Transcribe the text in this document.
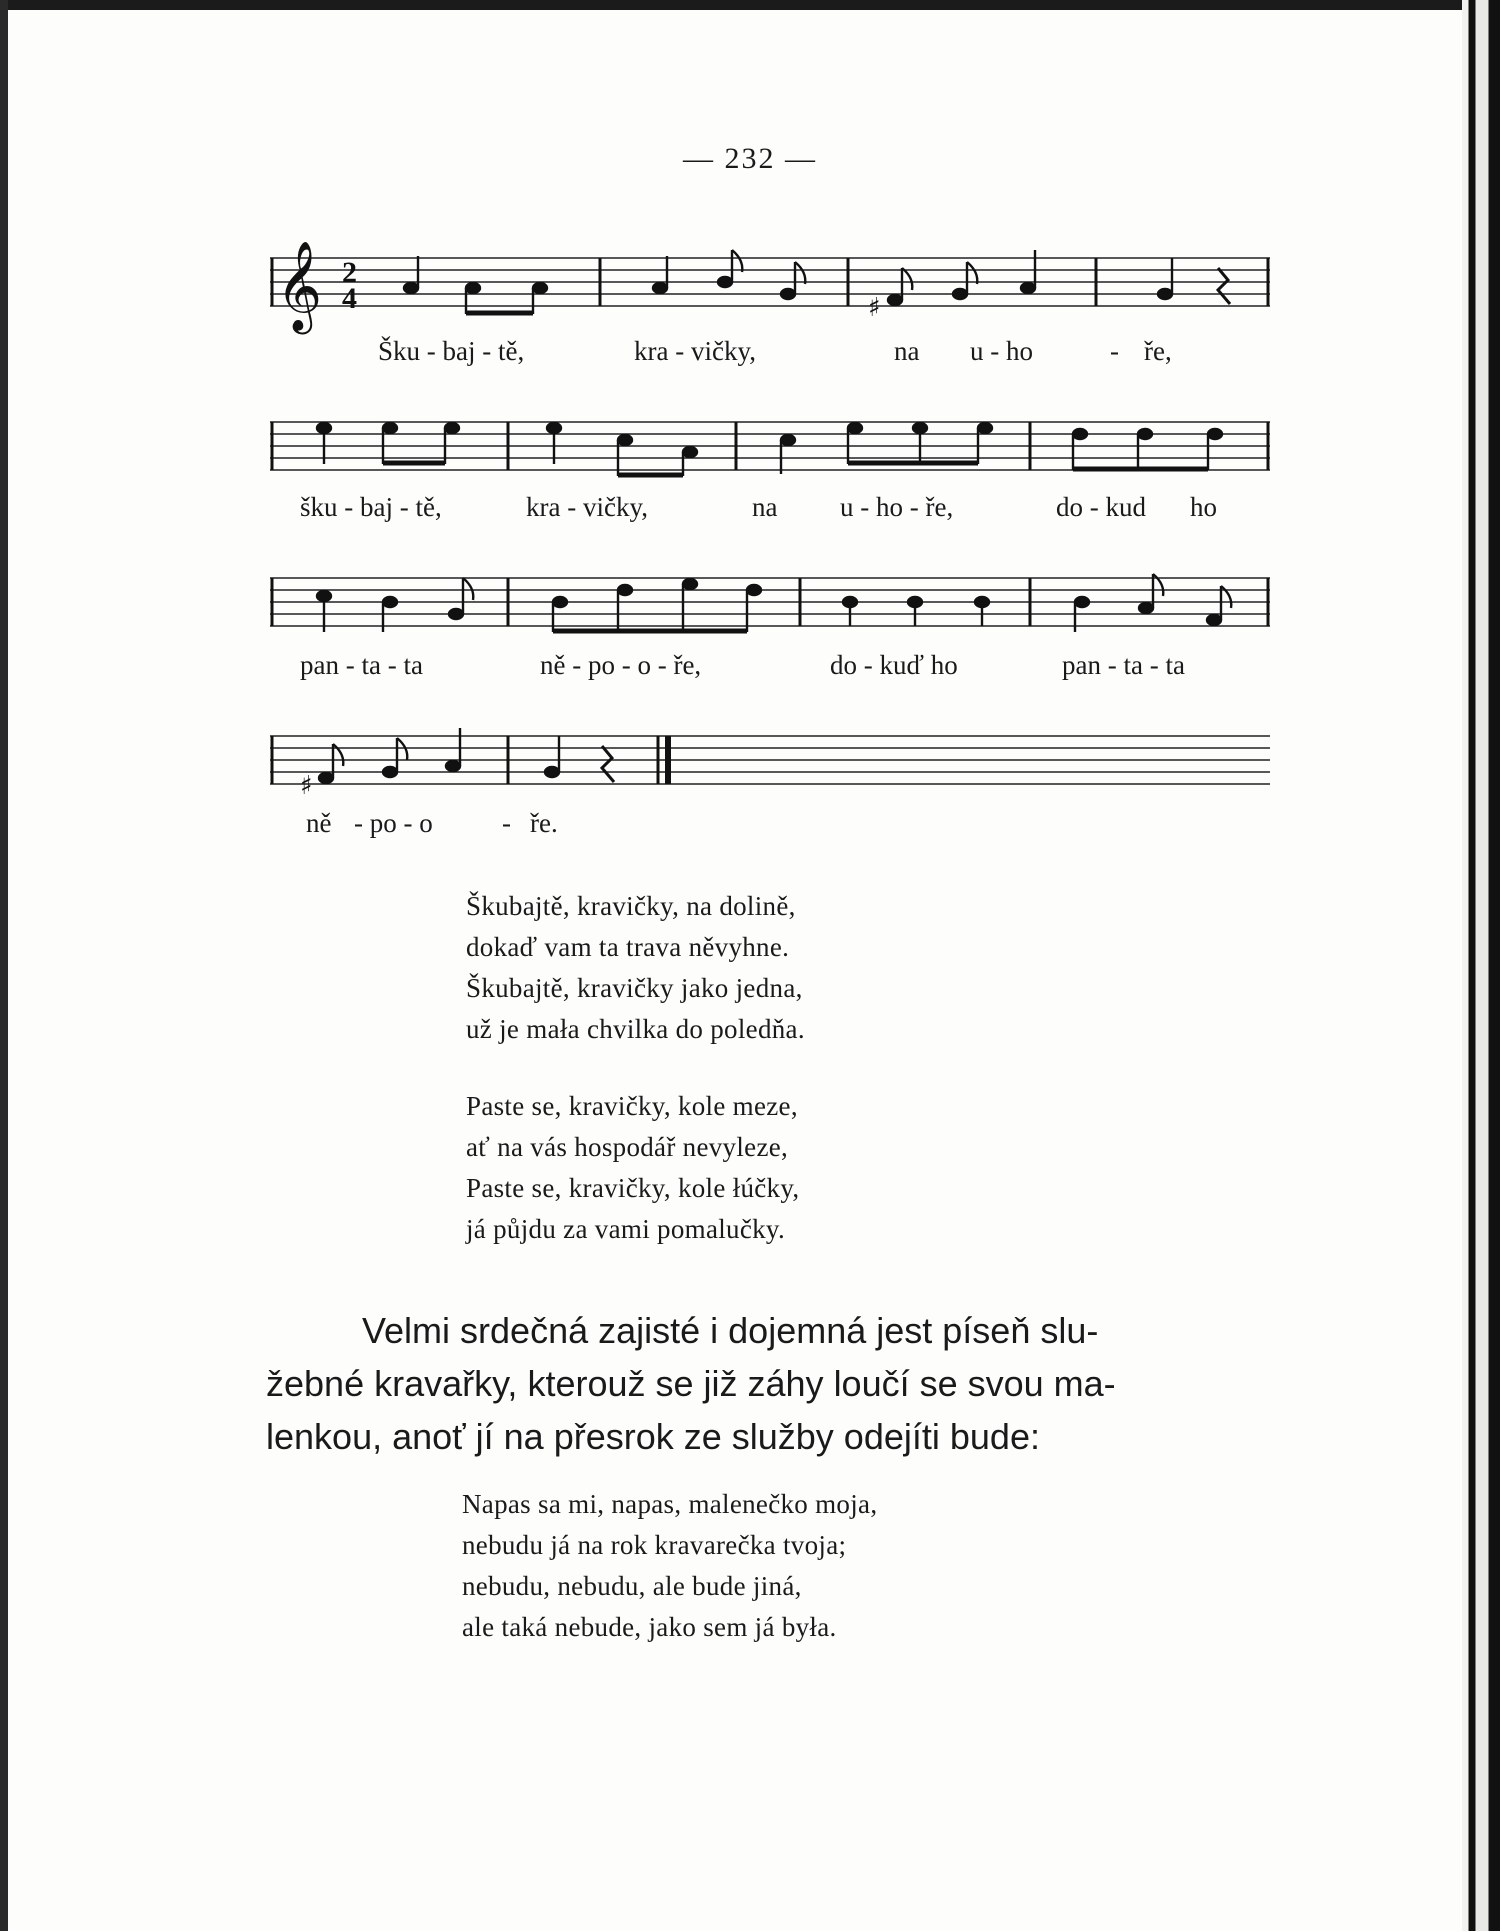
— 232 —
𝄞 2
4	♯
Šku - baj - tě,	kra - vičky,	na u - ho	- ře,
šku - baj - tě,	kra - vičky,	na u - ho - ře,	do - kud ho
pan - ta - ta	ně - po - o - ře,	do - kuď ho	pan - ta - ta
♯
ně - po - o	- ře.
Škubajtě, kravičky, na dolině,
dokaď vam ta trava něvyhne.
Škubajtě, kravičky jako jedna,
už je mała chvilka do poledňa.
Paste se, kravičky, kole meze,
ať na vás hospodář nevyleze,
Paste se, kravičky, kole łúčky,
já půjdu za vami pomalučky.
Velmi srdečná zajisté i dojemná jest píseň slu-
žebné kravařky, kterouž se již záhy loučí se svou ma-
lenkou, anoť jí na přesrok ze služby odejíti bude:
Napas sa mi, napas, malenečko moja,
nebudu já na rok kravarečka tvoja;
nebudu, nebudu, ale bude jiná,
ale taká nebude, jako sem já była.
